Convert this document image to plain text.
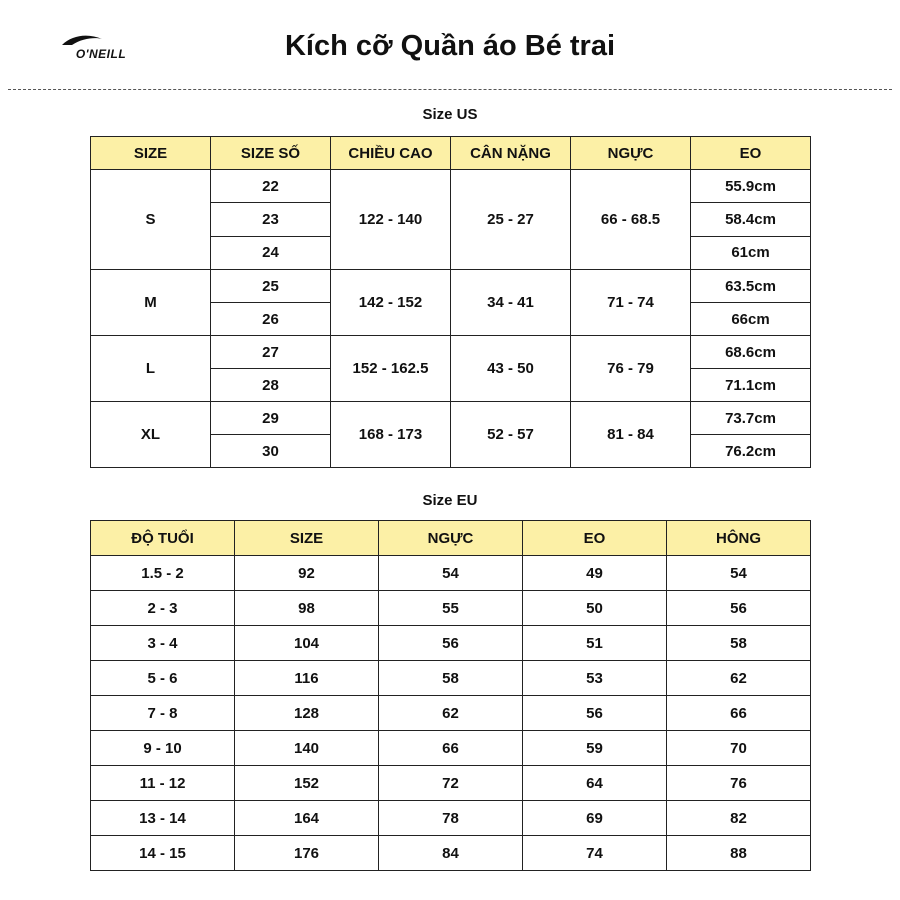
O'NEILL	Kích cỡ Quần áo Bé trai
Size US
SIZE	SIZE SỐ	CHIỀU CAO	CÂN NẶNG	NGỰC	EO
S	22	122 - 140	25 - 27	66 - 68.5	55.9cm
	23				58.4cm
	24				61cm
M	25	142 - 152	34 - 41	71 - 74	63.5cm
	26				66cm
L	27	152 - 162.5	43 - 50	76 - 79	68.6cm
	28				71.1cm
XL	29	168 - 173	52 - 57	81 - 84	73.7cm
	30				76.2cm
Size EU
ĐỘ TUỔI	SIZE	NGỰC	EO	HÔNG
1.5 - 2	92	54	49	54
2 - 3	98	55	50	56
3 - 4	104	56	51	58
5 - 6	116	58	53	62
7 - 8	128	62	56	66
9 - 10	140	66	59	70
11 - 12	152	72	64	76
13 - 14	164	78	69	82
14 - 15	176	84	74	88
